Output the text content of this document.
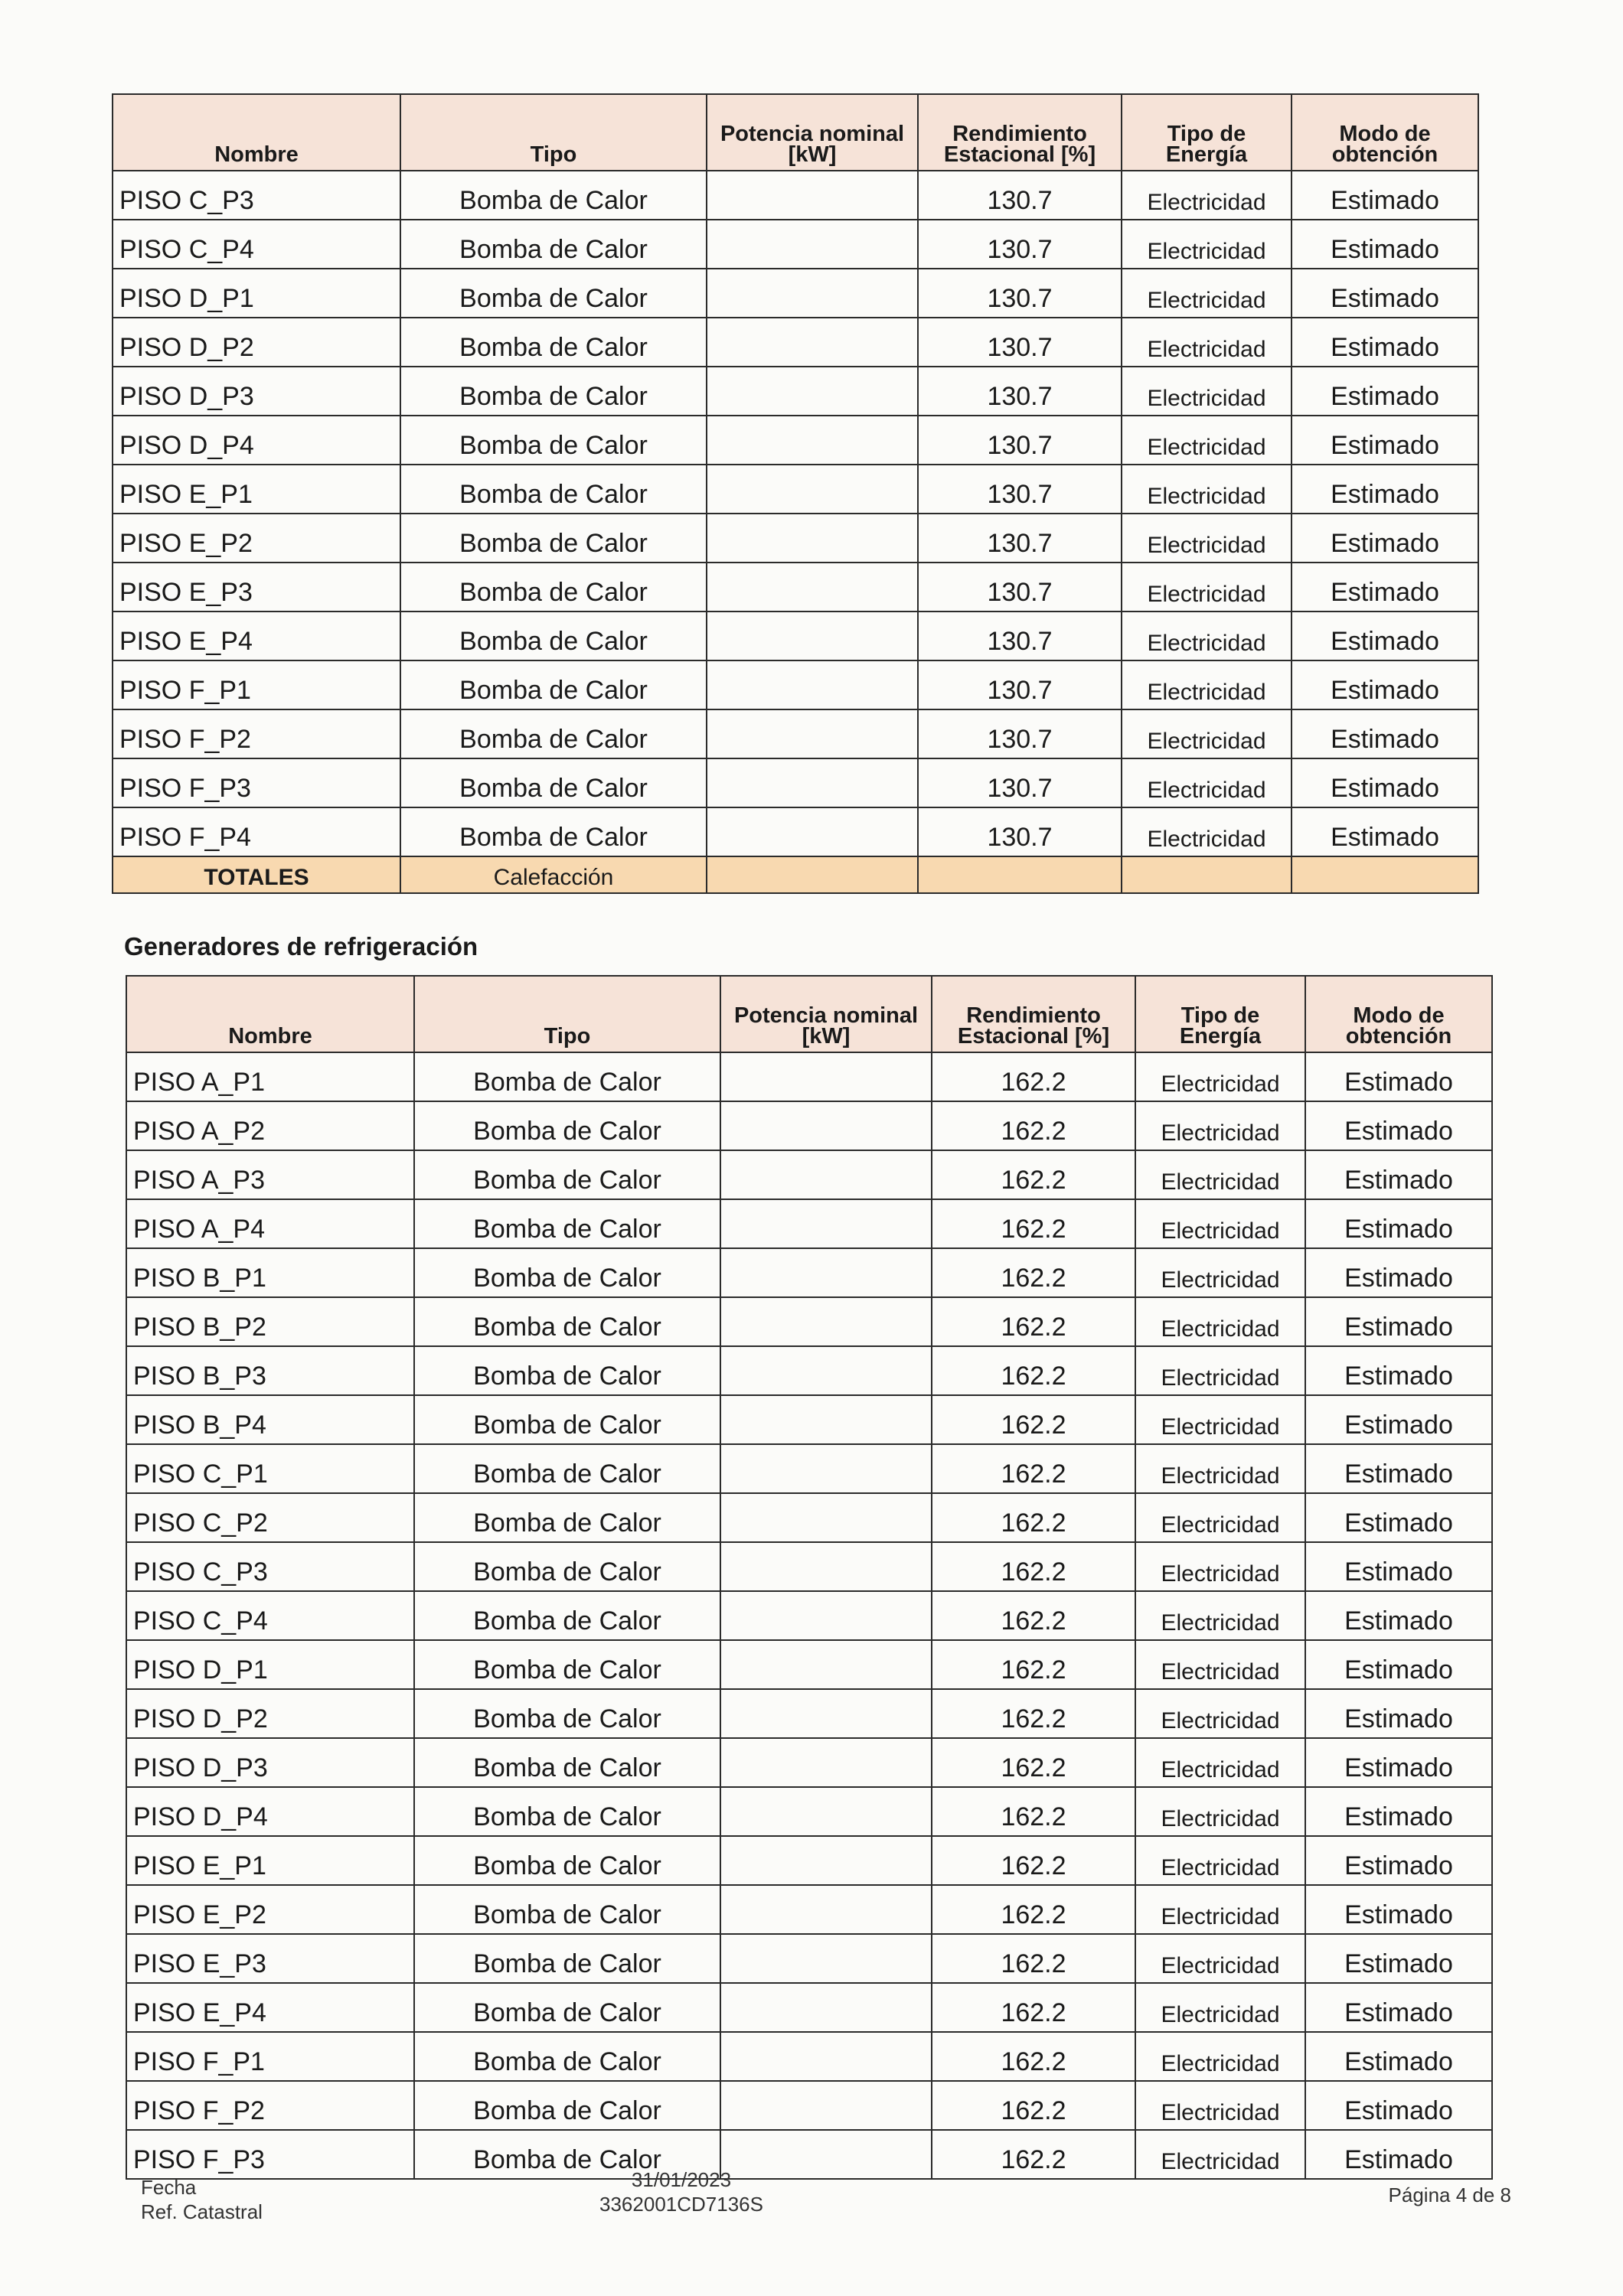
Nombre	Tipo	Potencia nominal [kW]	Rendimiento Estacional [%]	Tipo de Energía	Modo de obtención
PISO C_P3	Bomba de Calor		130.7	Electricidad	Estimado
PISO C_P4	Bomba de Calor		130.7	Electricidad	Estimado
PISO D_P1	Bomba de Calor		130.7	Electricidad	Estimado
PISO D_P2	Bomba de Calor		130.7	Electricidad	Estimado
PISO D_P3	Bomba de Calor		130.7	Electricidad	Estimado
PISO D_P4	Bomba de Calor		130.7	Electricidad	Estimado
PISO E_P1	Bomba de Calor		130.7	Electricidad	Estimado
PISO E_P2	Bomba de Calor		130.7	Electricidad	Estimado
PISO E_P3	Bomba de Calor		130.7	Electricidad	Estimado
PISO E_P4	Bomba de Calor		130.7	Electricidad	Estimado
PISO F_P1	Bomba de Calor		130.7	Electricidad	Estimado
PISO F_P2	Bomba de Calor		130.7	Electricidad	Estimado
PISO F_P3	Bomba de Calor		130.7	Electricidad	Estimado
PISO F_P4	Bomba de Calor		130.7	Electricidad	Estimado
TOTALES	Calefacción				
Generadores de refrigeración
Nombre	Tipo	Potencia nominal [kW]	Rendimiento Estacional [%]	Tipo de Energía	Modo de obtención
PISO A_P1	Bomba de Calor		162.2	Electricidad	Estimado
PISO A_P2	Bomba de Calor		162.2	Electricidad	Estimado
PISO A_P3	Bomba de Calor		162.2	Electricidad	Estimado
PISO A_P4	Bomba de Calor		162.2	Electricidad	Estimado
PISO B_P1	Bomba de Calor		162.2	Electricidad	Estimado
PISO B_P2	Bomba de Calor		162.2	Electricidad	Estimado
PISO B_P3	Bomba de Calor		162.2	Electricidad	Estimado
PISO B_P4	Bomba de Calor		162.2	Electricidad	Estimado
PISO C_P1	Bomba de Calor		162.2	Electricidad	Estimado
PISO C_P2	Bomba de Calor		162.2	Electricidad	Estimado
PISO C_P3	Bomba de Calor		162.2	Electricidad	Estimado
PISO C_P4	Bomba de Calor		162.2	Electricidad	Estimado
PISO D_P1	Bomba de Calor		162.2	Electricidad	Estimado
PISO D_P2	Bomba de Calor		162.2	Electricidad	Estimado
PISO D_P3	Bomba de Calor		162.2	Electricidad	Estimado
PISO D_P4	Bomba de Calor		162.2	Electricidad	Estimado
PISO E_P1	Bomba de Calor		162.2	Electricidad	Estimado
PISO E_P2	Bomba de Calor		162.2	Electricidad	Estimado
PISO E_P3	Bomba de Calor		162.2	Electricidad	Estimado
PISO E_P4	Bomba de Calor		162.2	Electricidad	Estimado
PISO F_P1	Bomba de Calor		162.2	Electricidad	Estimado
PISO F_P2	Bomba de Calor		162.2	Electricidad	Estimado
PISO F_P3	Bomba de Calor		162.2	Electricidad	Estimado
Fecha
Ref. Catastral
31/01/2023
3362001CD7136S	Página 4 de 8
